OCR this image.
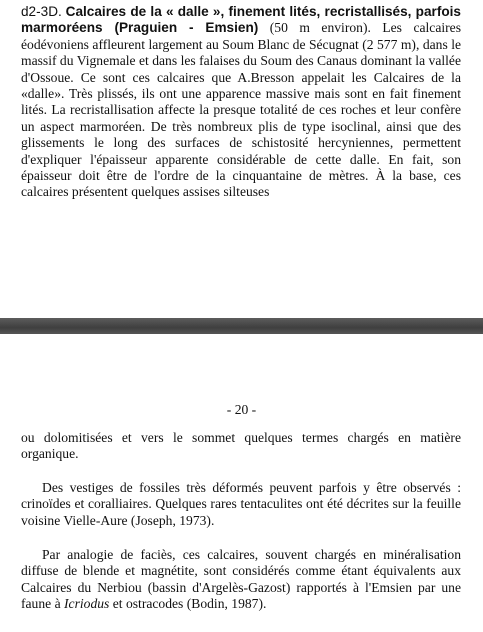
d2-3D. Calcaires de la « dalle », finement lités, recristallisés, parfois marmoréens (Praguien - Emsien) (50 m environ). Les calcaires éodévoniens affleurent largement au Soum Blanc de Sécugnat (2 577 m), dans le massif du Vignemale et dans les falaises du Soum des Canaus dominant la vallée d'Ossoue. Ce sont ces calcaires que A.Bresson appelait les Calcaires de la «dalle». Très plissés, ils ont une apparence massive mais sont en fait finement lités. La recristallisation affecte la presque totalité de ces roches et leur confère un aspect marmoréen. De très nombreux plis de type isoclinal, ainsi que des glissements le long des surfaces de schistosité hercyniennes, permettent d'expliquer l'épaisseur apparente considérable de cette dalle. En fait, son épaisseur doit être de l'ordre de la cinquantaine de mètres. À la base, ces calcaires présentent quelques assises silteuses

- 20 -

ou dolomitisées et vers le sommet quelques termes chargés en matière organique.

Des vestiges de fossiles très déformés peuvent parfois y être observés : crinoïdes et coralliaires. Quelques rares tentaculites ont été décrites sur la feuille voisine Vielle-Aure (Joseph, 1973).

Par analogie de faciès, ces calcaires, souvent chargés en minéralisation diffuse de blende et magnétite, sont considérés comme étant équivalents aux Calcaires du Nerbiou (bassin d'Argelès-Gazost) rapportés à l'Emsien par une faune à Icriodus et ostracodes (Bodin, 1987).
